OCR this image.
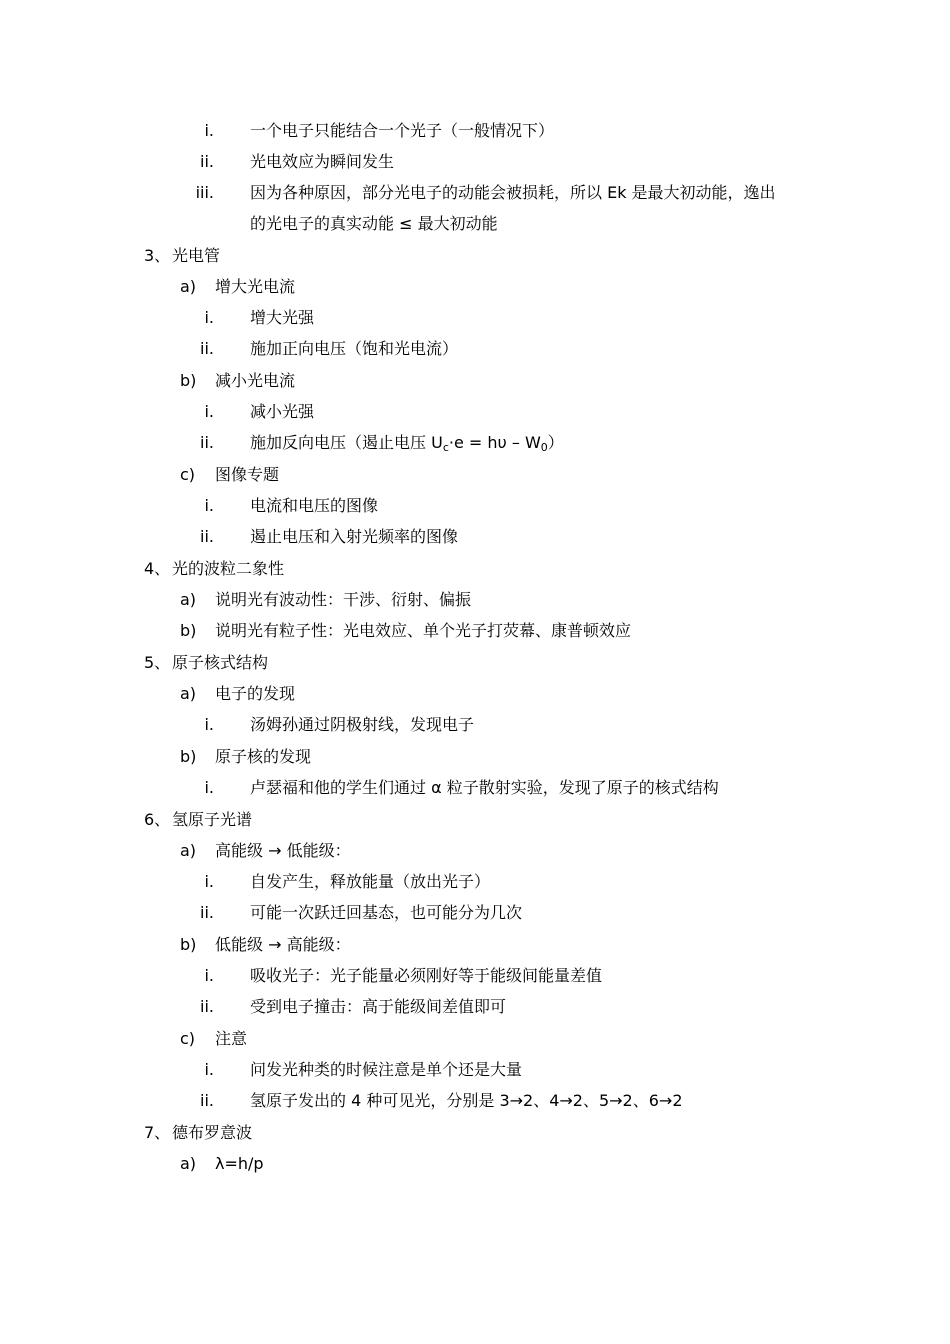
i. 一个电子只能结合一个光子（一般情况下）
ii. 光电效应为瞬间发生
iii. 因为各种原因，部分光电子的动能会被损耗，所以 Ek 是最大初动能，逸出
的光电子的真实动能 ≤ 最大初动能
3、 光电管
a) 增大光电流
i. 增大光强
ii. 施加正向电压（饱和光电流）
b) 减小光电流
i. 减小光强
ii. 施加反向电压（遏止电压 $U_c\cdot e = h\upsilon - W_0$）
c) 图像专题
i. 电流和电压的图像
ii. 遏止电压和入射光频率的图像
4、 光的波粒二象性
a) 说明光有波动性：干涉、衍射、偏振
b) 说明光有粒子性：光电效应、单个光子打荧幕、康普顿效应
5、 原子核式结构
a) 电子的发现
i. 汤姆孙通过阴极射线，发现电子
b) 原子核的发现
i. 卢瑟福和他的学生们通过 α 粒子散射实验，发现了原子的核式结构
6、 氢原子光谱
a) 高能级 → 低能级：
i. 自发产生，释放能量（放出光子）
ii. 可能一次跃迁回基态，也可能分为几次
b) 低能级 → 高能级：
i. 吸收光子：光子能量必须刚好等于能级间能量差值
ii. 受到电子撞击：高于能级间差值即可
c) 注意
i. 问发光种类的时候注意是单个还是大量
ii. 氢原子发出的 4 种可见光，分别是 3→2、4→2、5→2、6→2
7、 德布罗意波
a) λ=h/p
